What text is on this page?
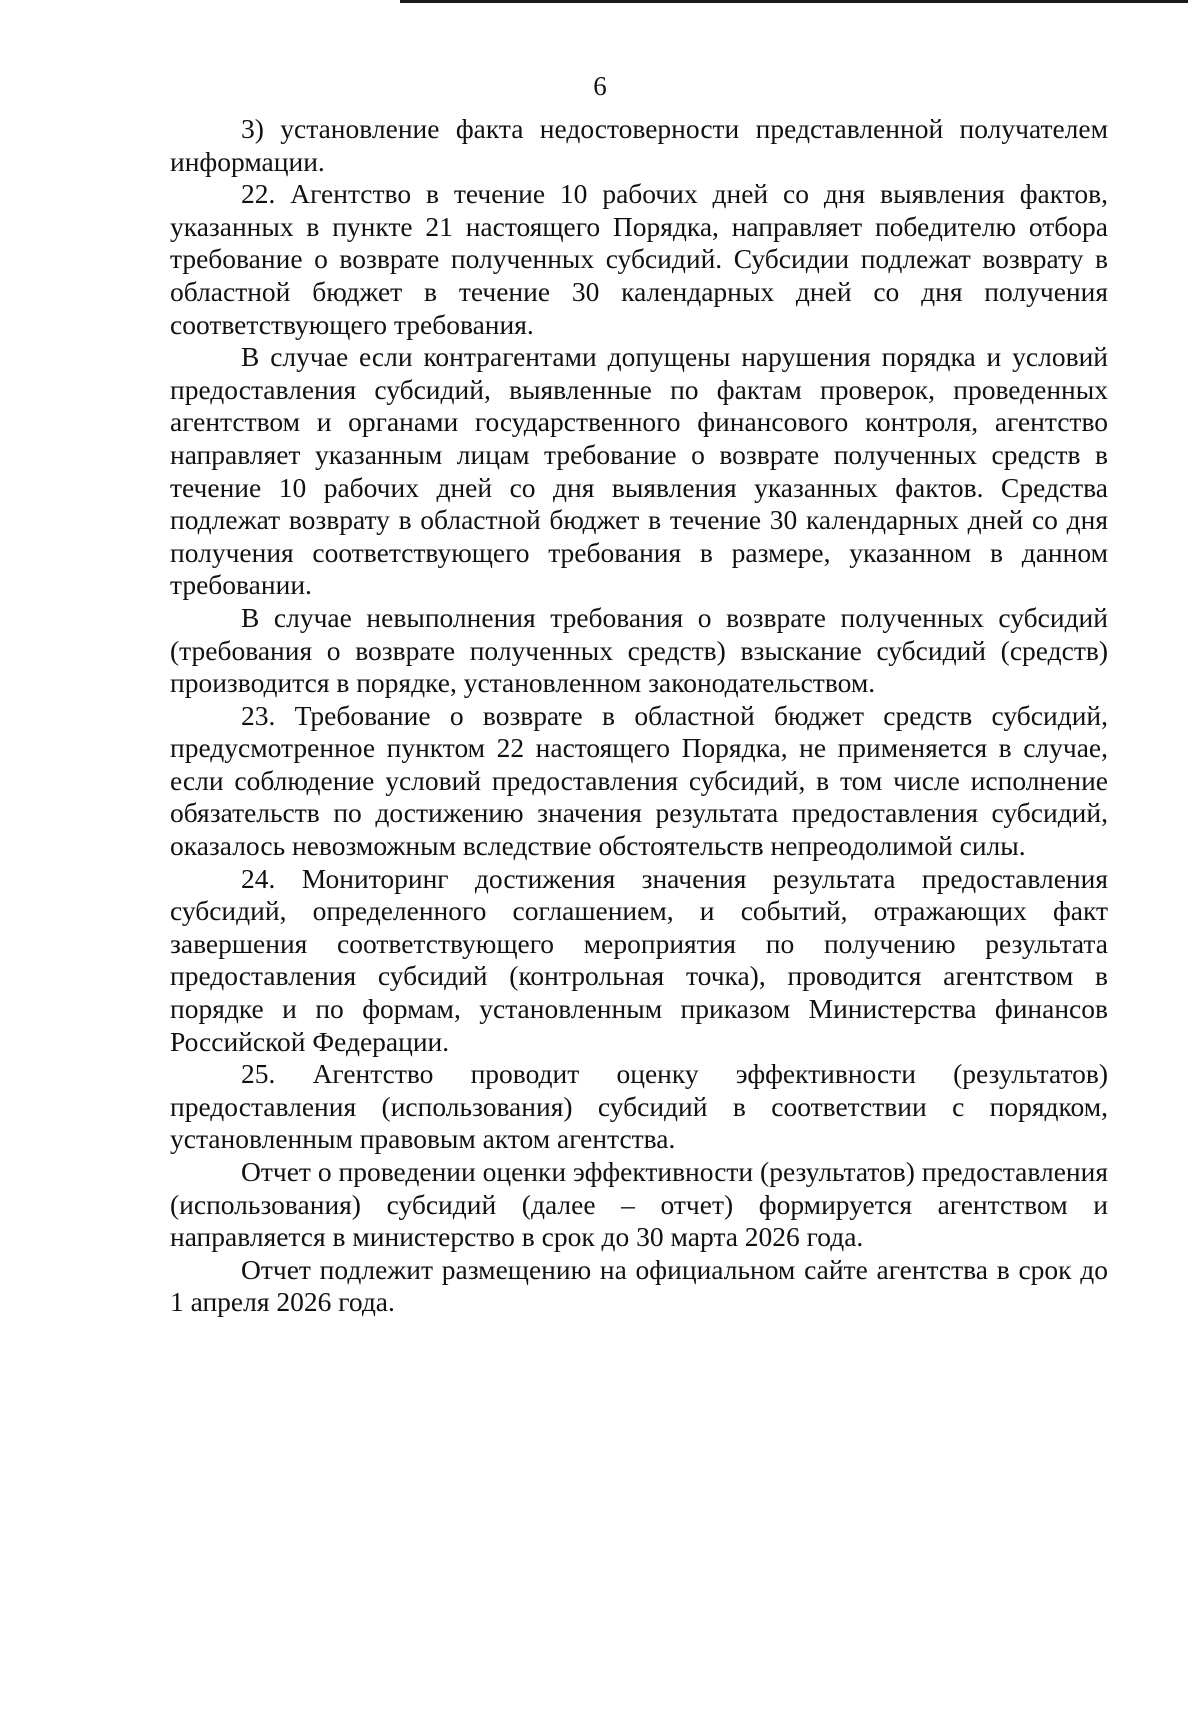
6

3) установление факта недостоверности представленной получателем информации.

22. Агентство в течение 10 рабочих дней со дня выявления фактов, указанных в пункте 21 настоящего Порядка, направляет победителю отбора требование о возврате полученных субсидий. Субсидии подлежат возврату в областной бюджет в течение 30 календарных дней со дня получения соответствующего требования.

В случае если контрагентами допущены нарушения порядка и условий предоставления субсидий, выявленные по фактам проверок, проведенных агентством и органами государственного финансового контроля, агентство направляет указанным лицам требование о возврате полученных средств в течение 10 рабочих дней со дня выявления указанных фактов. Средства подлежат возврату в областной бюджет в течение 30 календарных дней со дня получения соответствующего требования в размере, указанном в данном требовании.

В случае невыполнения требования о возврате полученных субсидий (требования о возврате полученных средств) взыскание субсидий (средств) производится в порядке, установленном законодательством.

23. Требование о возврате в областной бюджет средств субсидий, предусмотренное пунктом 22 настоящего Порядка, не применяется в случае, если соблюдение условий предоставления субсидий, в том числе исполнение обязательств по достижению значения результата предоставления субсидий, оказалось невозможным вследствие обстоятельств непреодолимой силы.

24. Мониторинг достижения значения результата предоставления субсидий, определенного соглашением, и событий, отражающих факт завершения соответствующего мероприятия по получению результата предоставления субсидий (контрольная точка), проводится агентством в порядке и по формам, установленным приказом Министерства финансов Российской Федерации.

25. Агентство проводит оценку эффективности (результатов) предоставления (использования) субсидий в соответствии с порядком, установленным правовым актом агентства.

Отчет о проведении оценки эффективности (результатов) предоставления (использования) субсидий (далее – отчет) формируется агентством и направляется в министерство в срок до 30 марта 2026 года.

Отчет подлежит размещению на официальном сайте агентства в срок до 1 апреля 2026 года.
